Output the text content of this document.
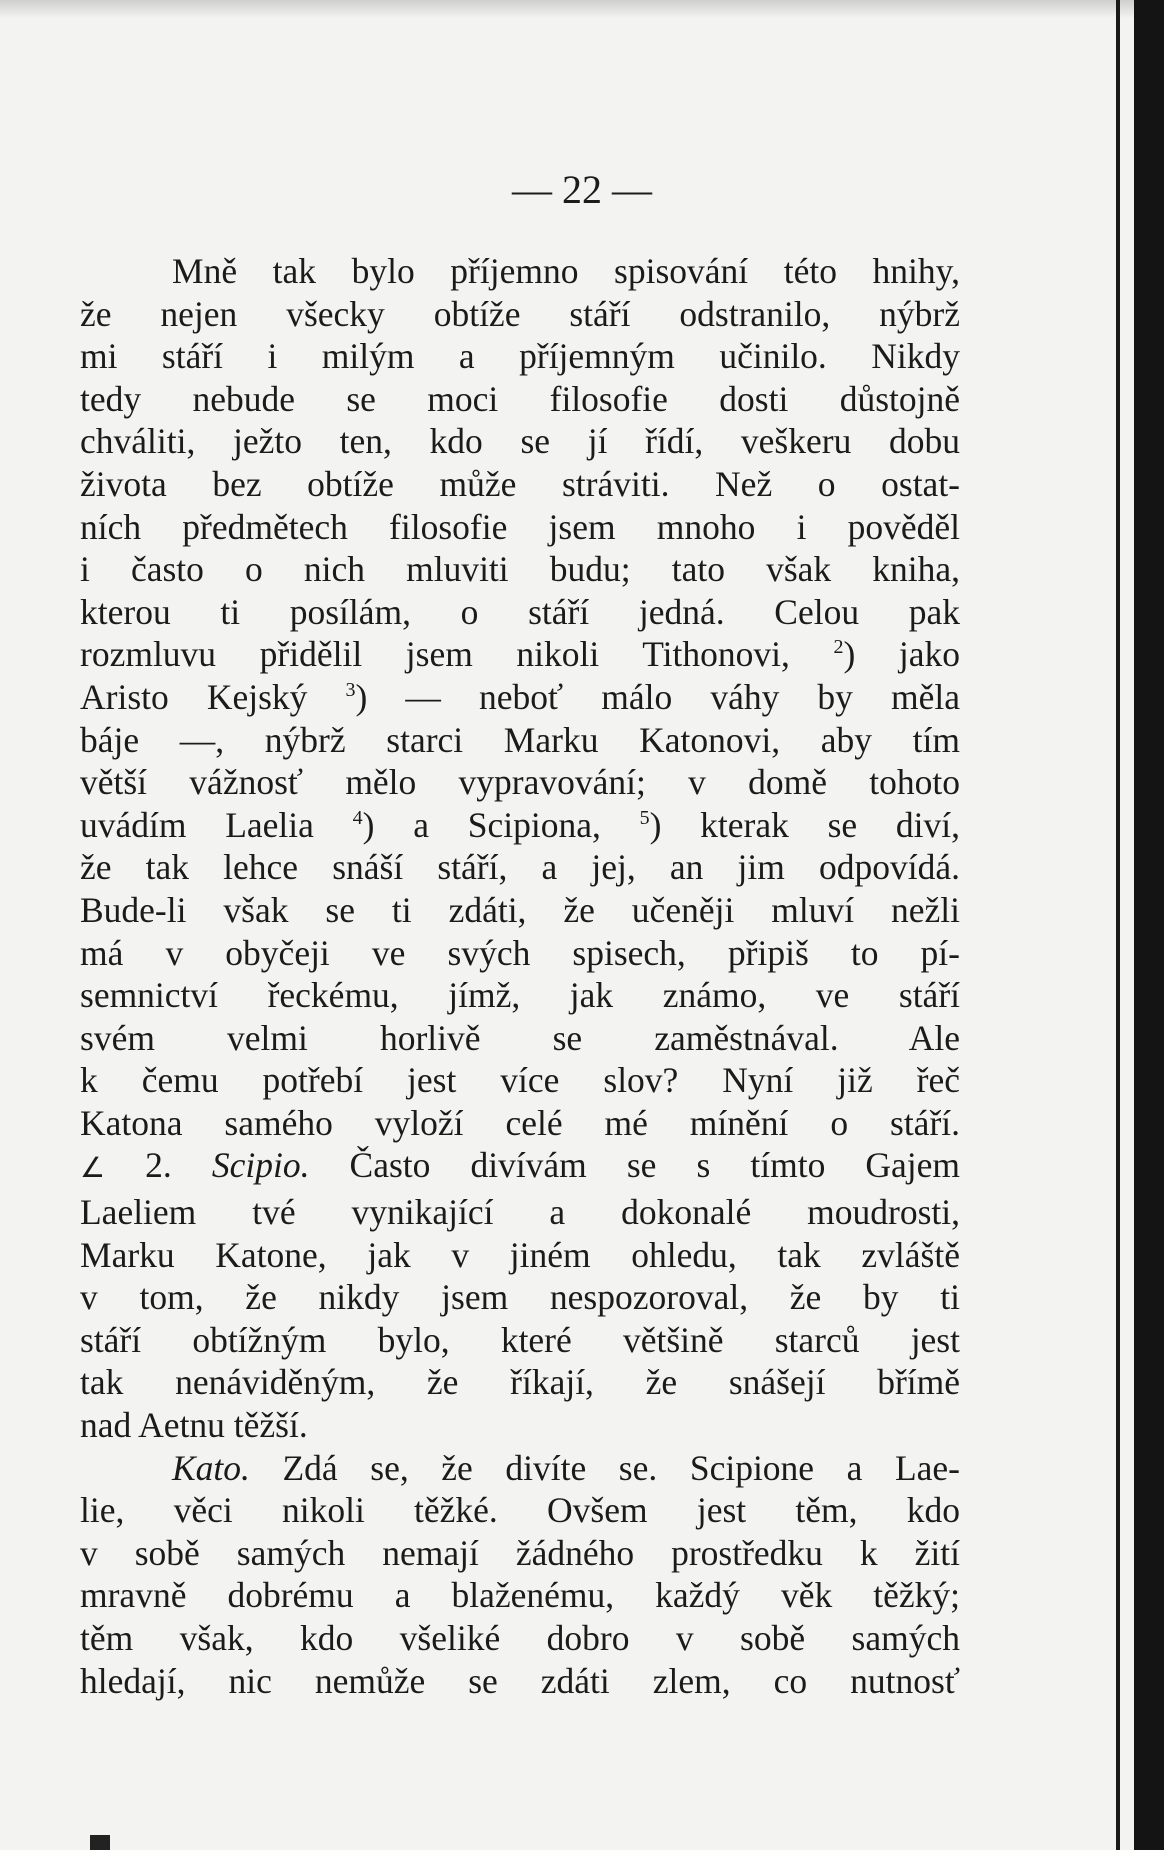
— 22 —
Mně tak bylo příjemno spisování této hnihy,
že nejen všecky obtíže stáří odstranilo, nýbrž
mi stáří i milým a příjemným učinilo. Nikdy
tedy nebude se moci filosofie dosti důstojně
chváliti, ježto ten, kdo se jí řídí, veškeru dobu
života bez obtíže může stráviti. Než o ostat-
ních předmětech filosofie jsem mnoho i pověděl
i často o nich mluviti budu; tato však kniha,
kterou ti posílám, o stáří jedná. Celou pak
rozmluvu přidělil jsem nikoli Tithonovi, $^2$) jako
Aristo Kejský $^3$) — neboť málo váhy by měla
báje —, nýbrž starci Marku Katonovi, aby tím
větší vážnosť mělo vypravování; v domě tohoto
uvádím Laelia $^4$) a Scipiona, $^5$) kterak se diví,
že tak lehce snáší stáří, a jej, an jim odpovídá.
Bude-li však se ti zdáti, že učeněji mluví nežli
má v obyčeji ve svých spisech, připiš to pí-
semnictví řeckému, jímž, jak známo, ve stáří
svém velmi horlivě se zaměstnával. Ale
k čemu potřebí jest více slov? Nyní již řeč
Katona samého vyloží celé mé mínění o stáří.
∠ 2. Scipio. Často divívám se s tímto Gajem
Laeliem tvé vynikající a dokonalé moudrosti,
Marku Katone, jak v jiném ohledu, tak zvláště
v tom, že nikdy jsem nespozoroval, že by ti
stáří obtížným bylo, které většině starců jest
tak nenáviděným, že říkají, že snášejí břímě
nad Aetnu těžší.
Kato. Zdá se, že divíte se. Scipione a Lae-
lie, věci nikoli těžké. Ovšem jest těm, kdo
v sobě samých nemají žádného prostředku k žití
mravně dobrému a blaženému, každý věk těžký;
těm však, kdo všeliké dobro v sobě samých
hledají, nic nemůže se zdáti zlem, co nutnosť
